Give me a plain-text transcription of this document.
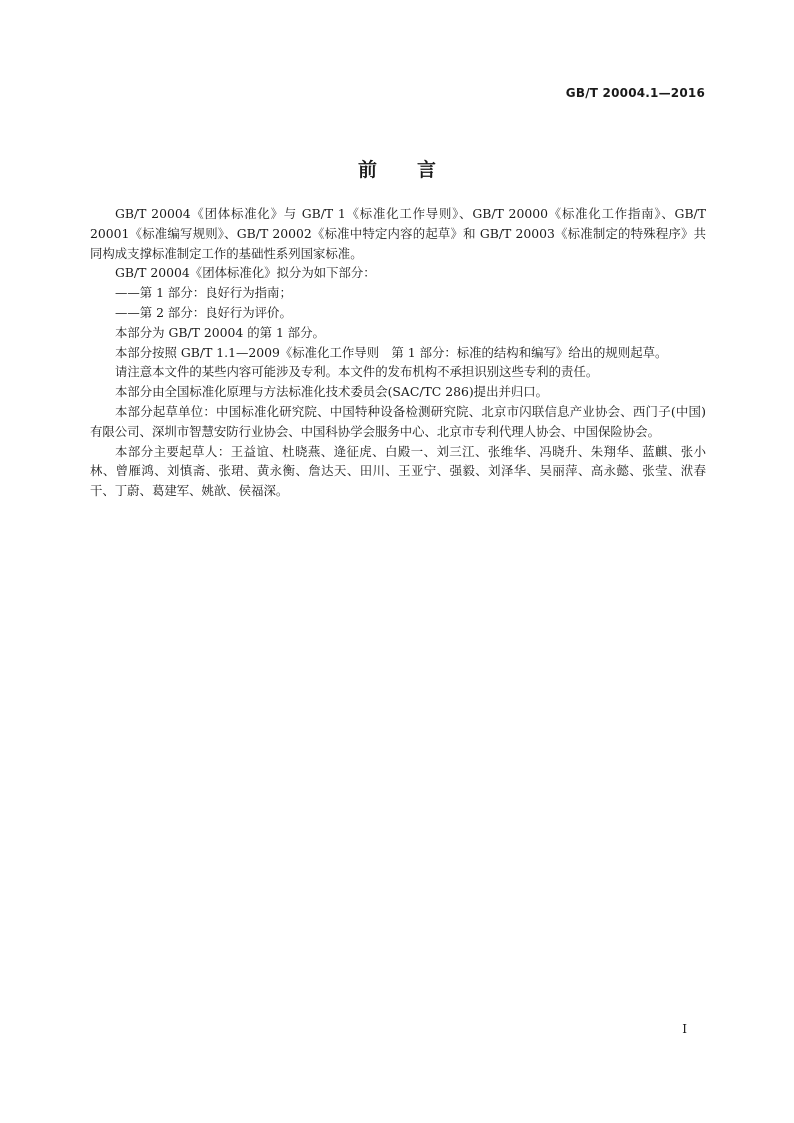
GB/T 20004.1—2016
前言

GB/T 20004《团体标准化》与 GB/T 1《标准化工作导则》、GB/T 20000《标准化工作指南》、GB/T 20001《标准编写规则》、GB/T 20002《标准中特定内容的起草》和 GB/T 20003《标准制定的特殊程序》共同构成支撑标准制定工作的基础性系列国家标准。

GB/T 20004《团体标准化》拟分为如下部分：

——第 1 部分：良好行为指南；

——第 2 部分：良好行为评价。

本部分为 GB/T 20004 的第 1 部分。

本部分按照 GB/T 1.1—2009《标准化工作导则　第 1 部分：标准的结构和编写》给出的规则起草。

请注意本文件的某些内容可能涉及专利。本文件的发布机构不承担识别这些专利的责任。

本部分由全国标准化原理与方法标准化技术委员会(SAC/TC 286)提出并归口。

本部分起草单位：中国标准化研究院、中国特种设备检测研究院、北京市闪联信息产业协会、西门子(中国)有限公司、深圳市智慧安防行业协会、中国科协学会服务中心、北京市专利代理人协会、中国保险协会。

本部分主要起草人：王益谊、杜晓燕、逄征虎、白殿一、刘三江、张维华、冯晓升、朱翔华、蓝麒、张小林、曾雁鸿、刘慎斋、张珺、黄永衡、詹达天、田川、王亚宁、强毅、刘泽华、吴丽萍、高永懿、张莹、洑春干、丁蔚、葛建军、姚歆、侯福深。

I
